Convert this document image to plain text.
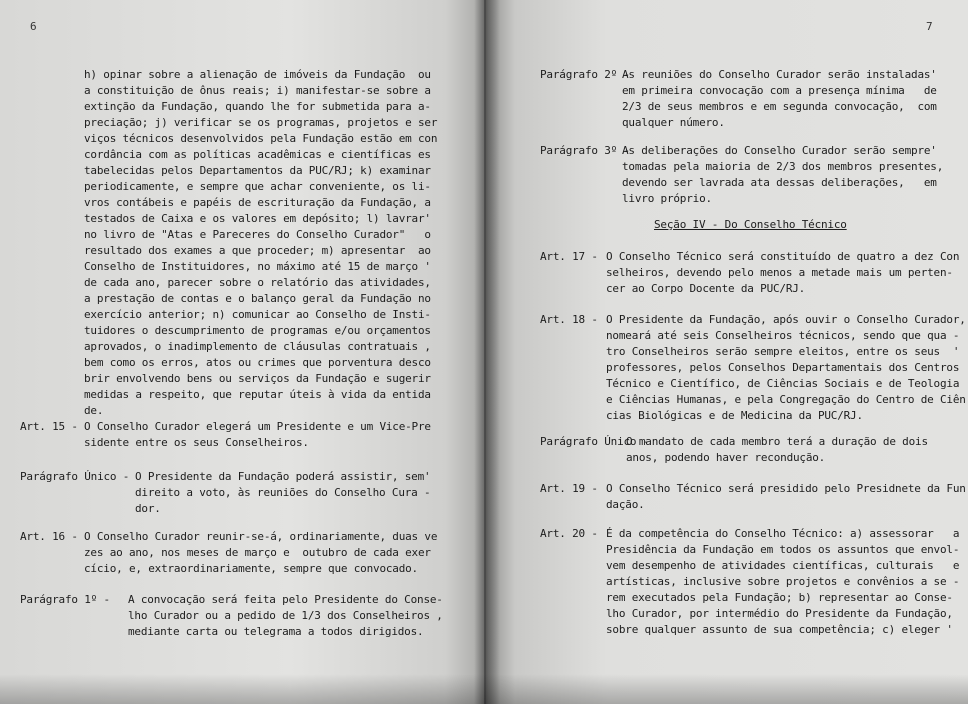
6
h) opinar sobre a alienação de imóveis da Fundação  ou
a constituição de ônus reais; i) manifestar-se sobre a
extinção da Fundação, quando lhe for submetida para a-
preciação; j) verificar se os programas, projetos e ser
viços técnicos desenvolvidos pela Fundação estão em con
cordância com as políticas acadêmicas e científicas es
tabelecidas pelos Departamentos da PUC/RJ; k) examinar
periodicamente, e sempre que achar conveniente, os li-
vros contábeis e papéis de escrituração da Fundação, a
testados de Caixa e os valores em depósito; l) lavrar'
no livro de "Atas e Pareceres do Conselho Curador"   o
resultado dos exames a que proceder; m) apresentar  ao
Conselho de Instituidores, no máximo até 15 de março '
de cada ano, parecer sobre o relatório das atividades,
a prestação de contas e o balanço geral da Fundação no
exercício anterior; n) comunicar ao Conselho de Insti-
tuidores o descumprimento de programas e/ou orçamentos
aprovados, o inadimplemento de cláusulas contratuais ,
bem como os erros, atos ou crimes que porventura desco
brir envolvendo bens ou serviços da Fundação e sugerir
medidas a respeito, que reputar úteis à vida da entida
de.
Art. 15 - O Conselho Curador elegerá um Presidente e um Vice-Pre
sidente entre os seus Conselheiros.
Parágrafo Único - O Presidente da Fundação poderá assistir, sem'
direito a voto, às reuniões do Conselho Cura -
dor.
Art. 16 - O Conselho Curador reunir-se-á, ordinariamente, duas ve
zes ao ano, nos meses de março e  outubro de cada exer
cício, e, extraordinariamente, sempre que convocado.
Parágrafo 1º - A convocação será feita pelo Presidente do Conse-
lho Curador ou a pedido de 1/3 dos Conselheiros ,
mediante carta ou telegrama a todos dirigidos.
7
Parágrafo 2º -
As reuniões do Conselho Curador serão instaladas'
em primeira convocação com a presença mínima   de
2/3 de seus membros e em segunda convocação,  com
qualquer número.
Parágrafo 3º -
As deliberações do Conselho Curador serão sempre'
tomadas pela maioria de 2/3 dos membros presentes,
devendo ser lavrada ata dessas deliberações,   em
livro próprio.
Seção IV - Do Conselho Técnico
Art. 17 - O Conselho Técnico será constituído de quatro a dez Con
selheiros, devendo pelo menos a metade mais um perten-
cer ao Corpo Docente da PUC/RJ.
Art. 18 - O Presidente da Fundação, após ouvir o Conselho Curador,
nomeará até seis Conselheiros técnicos, sendo que qua -
tro Conselheiros serão sempre eleitos, entre os seus  '
professores, pelos Conselhos Departamentais dos Centros
Técnico e Científico, de Ciências Sociais e de Teologia
e Ciências Humanas, e pela Congregação do Centro de Ciên
cias Biológicas e de Medicina da PUC/RJ.
Parágrafo Único -
O mandato de cada membro terá a duração de dois
anos, podendo haver recondução.
Art. 19 - O Conselho Técnico será presidido pelo Presidnete da Fun
dação.
Art. 20 - É da competência do Conselho Técnico: a) assessorar   a
Presidência da Fundação em todos os assuntos que envol-
vem desempenho de atividades científicas, culturais   e
artísticas, inclusive sobre projetos e convênios a se -
rem executados pela Fundação; b) representar ao Conse-
lho Curador, por intermédio do Presidente da Fundação,
sobre qualquer assunto de sua competência; c) eleger '
